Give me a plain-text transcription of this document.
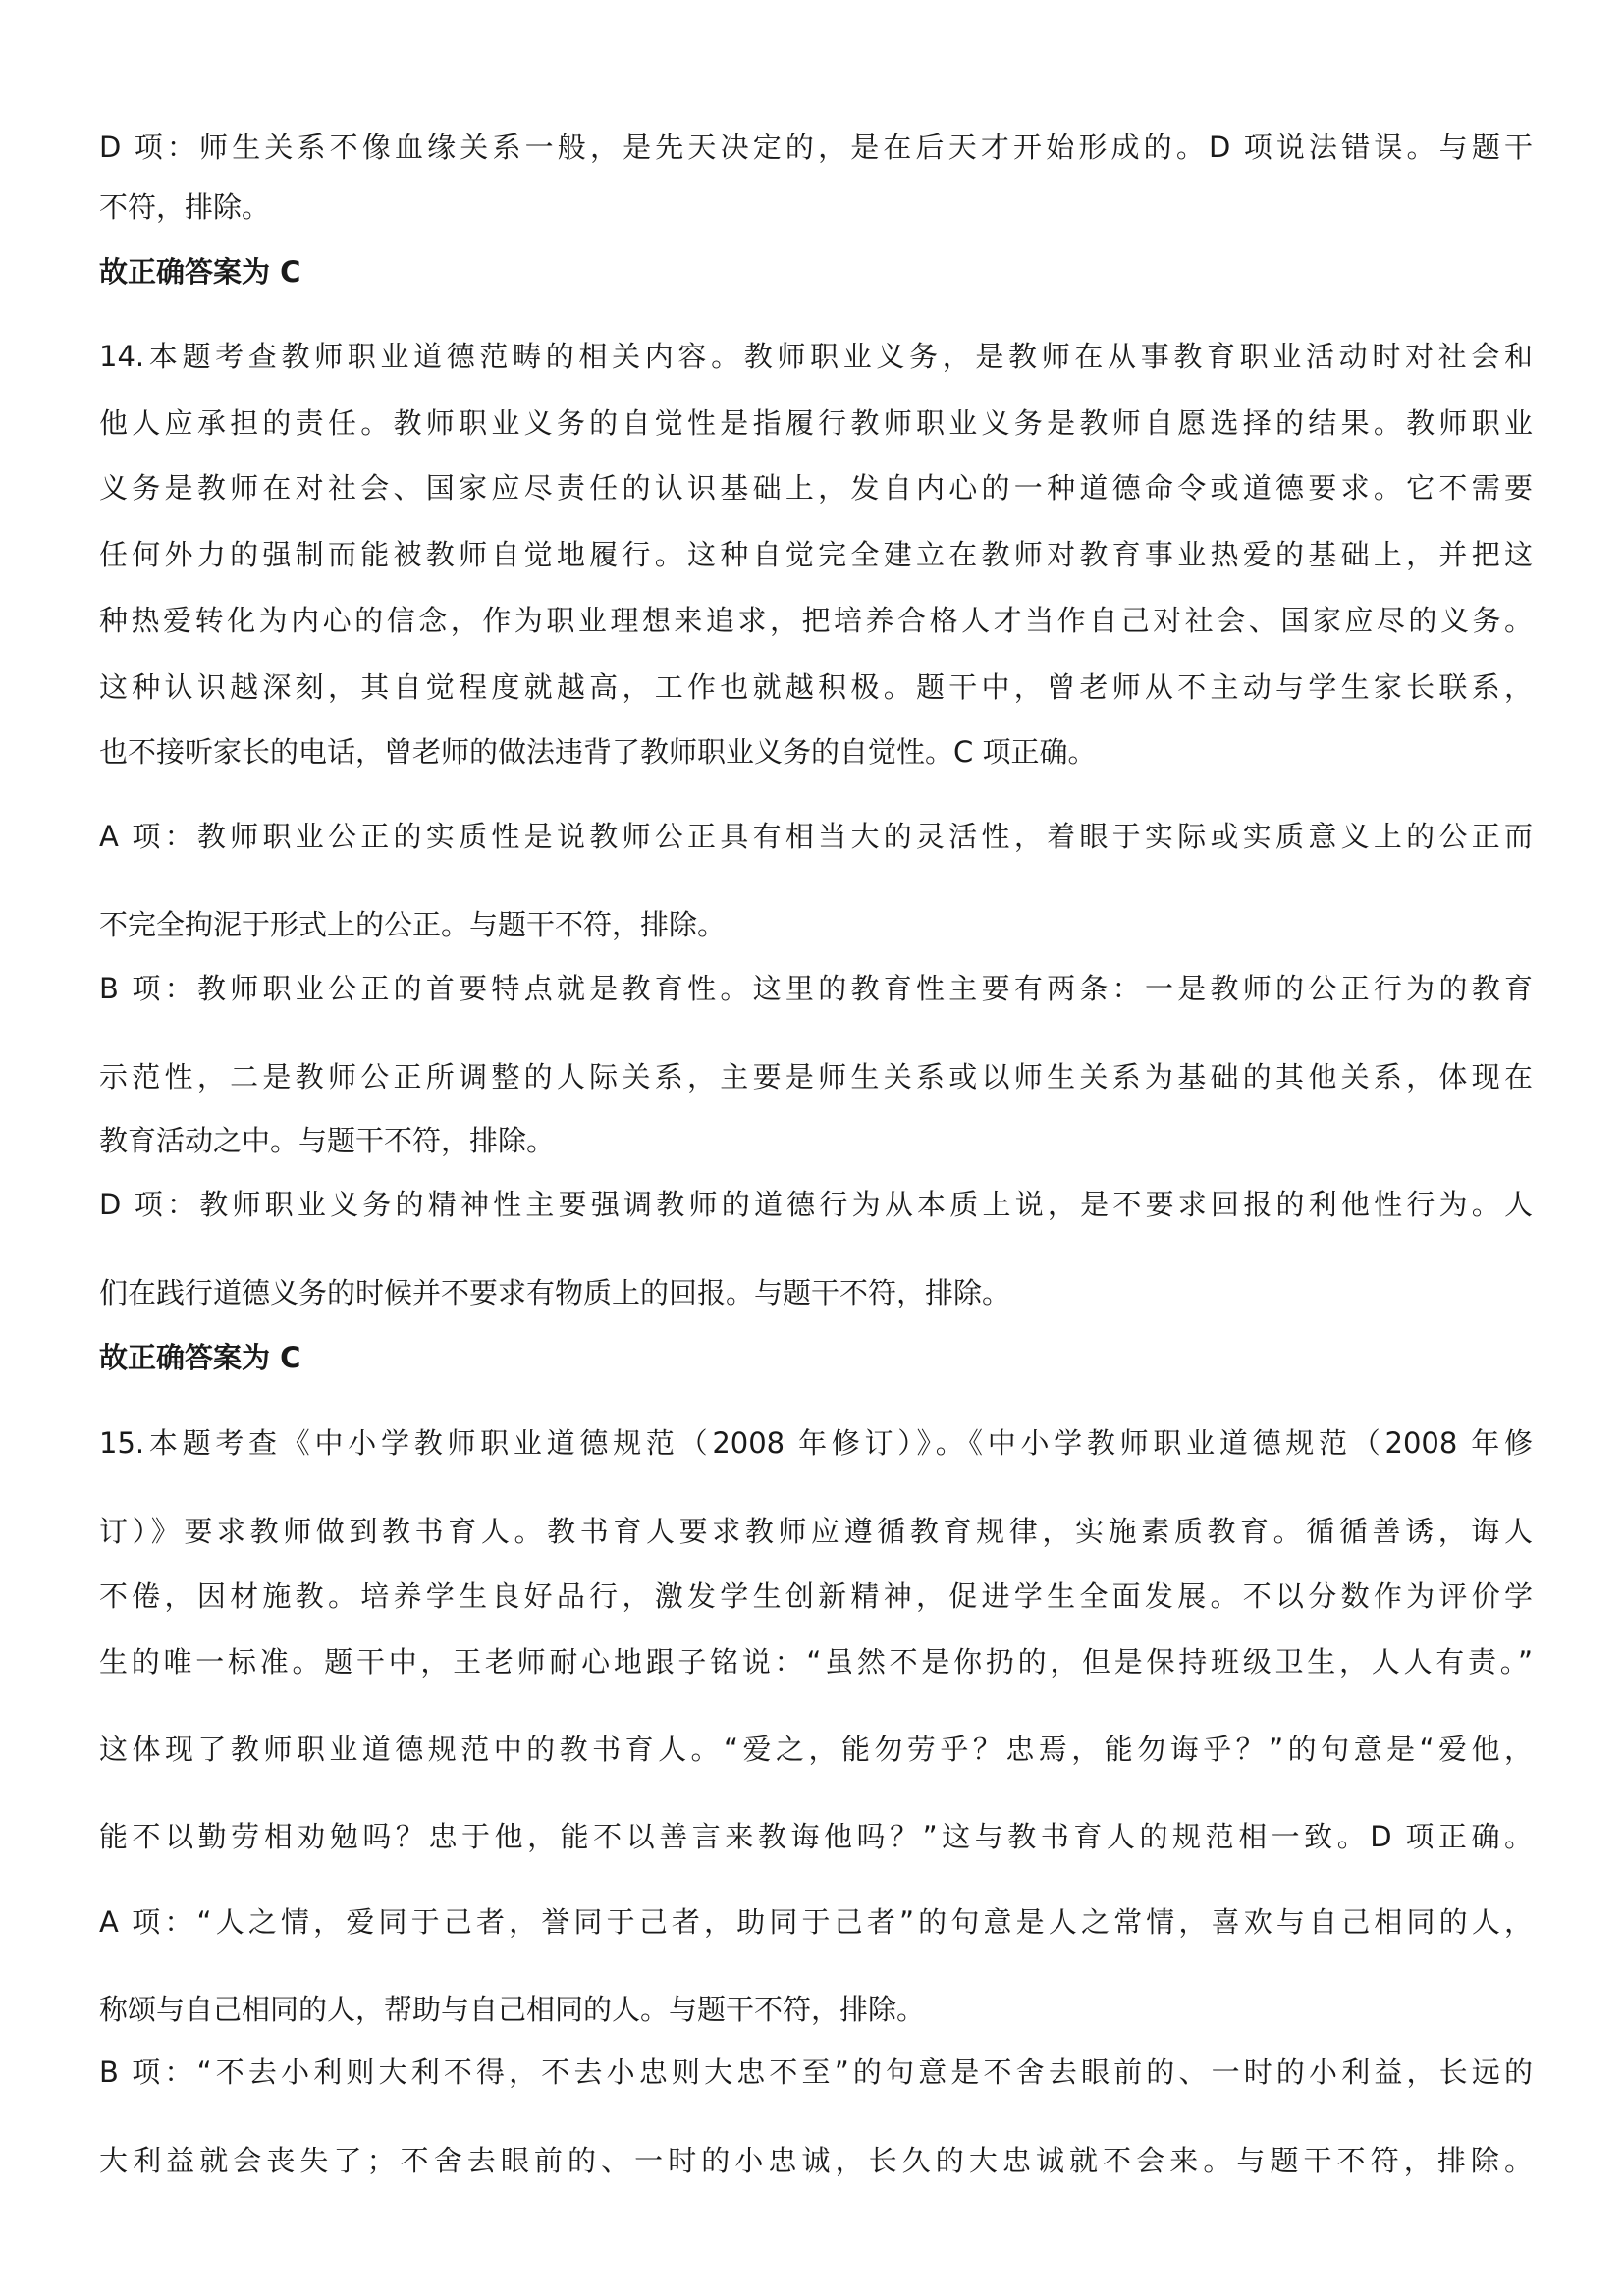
D 项：师生关系不像血缘关系一般，是先天决定的，是在后天才开始形成的。D 项说法错误。与题干
不符，排除。
故正确答案为 C
14.本题考查教师职业道德范畴的相关内容。教师职业义务，是教师在从事教育职业活动时对社会和
他人应承担的责任。教师职业义务的自觉性是指履行教师职业义务是教师自愿选择的结果。教师职业
义务是教师在对社会、国家应尽责任的认识基础上，发自内心的一种道德命令或道德要求。它不需要
任何外力的强制而能被教师自觉地履行。这种自觉完全建立在教师对教育事业热爱的基础上，并把这
种热爱转化为内心的信念，作为职业理想来追求，把培养合格人才当作自己对社会、国家应尽的义务。
这种认识越深刻，其自觉程度就越高，工作也就越积极。题干中，曾老师从不主动与学生家长联系，
也不接听家长的电话，曾老师的做法违背了教师职业义务的自觉性。C 项正确。
A 项：教师职业公正的实质性是说教师公正具有相当大的灵活性，着眼于实际或实质意义上的公正而
不完全拘泥于形式上的公正。与题干不符，排除。
B 项：教师职业公正的首要特点就是教育性。这里的教育性主要有两条：一是教师的公正行为的教育
示范性，二是教师公正所调整的人际关系，主要是师生关系或以师生关系为基础的其他关系，体现在
教育活动之中。与题干不符，排除。
D 项：教师职业义务的精神性主要强调教师的道德行为从本质上说，是不要求回报的利他性行为。人
们在践行道德义务的时候并不要求有物质上的回报。与题干不符，排除。
故正确答案为 C
15.本题考查《中小学教师职业道德规范（2008 年修订）》。《中小学教师职业道德规范（2008 年修
订）》要求教师做到教书育人。教书育人要求教师应遵循教育规律，实施素质教育。循循善诱，诲人
不倦，因材施教。培养学生良好品行，激发学生创新精神，促进学生全面发展。不以分数作为评价学
生的唯一标准。题干中，王老师耐心地跟子铭说：“虽然不是你扔的，但是保持班级卫生，人人有责。”
这体现了教师职业道德规范中的教书育人。“爱之，能勿劳乎？忠焉，能勿诲乎？”的句意是“爱他，
能不以勤劳相劝勉吗？忠于他，能不以善言来教诲他吗？”这与教书育人的规范相一致。D 项正确。
A 项：“人之情，爱同于己者，誉同于己者，助同于己者”的句意是人之常情，喜欢与自己相同的人，
称颂与自己相同的人，帮助与自己相同的人。与题干不符，排除。
B 项：“不去小利则大利不得，不去小忠则大忠不至”的句意是不舍去眼前的、一时的小利益，长远的
大利益就会丧失了；不舍去眼前的、一时的小忠诚，长久的大忠诚就不会来。与题干不符，排除。
